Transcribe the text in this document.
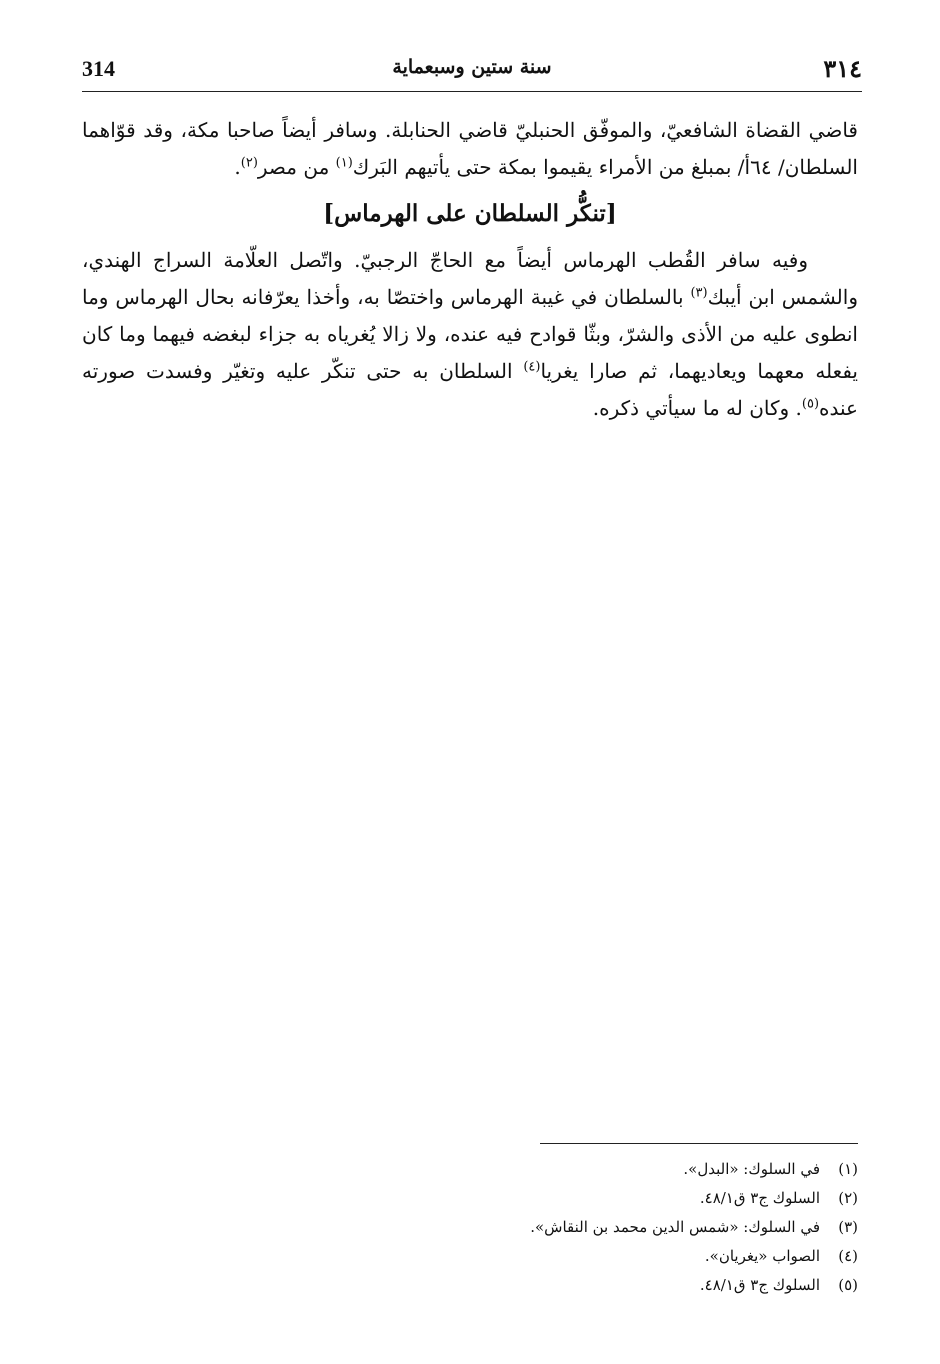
314	سنة ستين وسبعماية	٣١٤

قاضي القضاة الشافعيّ، والموفّق الحنبليّ قاضي الحنابلة. وسافر أيضاً صاحبا مكة، وقد قوّاهما السلطان/ ٦٤أ/ بمبلغ من الأمراء يقيموا بمكة حتى يأتيهم البَرك$^{(١)}$ من مصر$^{(٢)}$.

[تنكُّر السلطان على الهرماس]

وفيه سافر القُطب الهرماس أيضاً مع الحاجّ الرجبيّ. واتّصل العلّامة السراج الهندي، والشمس ابن أيبك$^{(٣)}$ بالسلطان في غيبة الهرماس واختصّا به، وأخذا يعرّفانه بحال الهرماس وما انطوى عليه من الأذى والشرّ، وبثّا قوادح فيه عنده، ولا زالا يُغرياه به جزاء لبغضه فيهما وما كان يفعله معهما ويعاديهما، ثم صارا يغريا$^{(٤)}$ السلطان به حتى تنكّر عليه وتغيّر وفسدت صورته عنده$^{(٥)}$. وكان له ما سيأتي ذكره.

(١)
في السلوك: «البدل».
(٢)
السلوك ج٣ ق٤٨/١.
(٣)
في السلوك: «شمس الدين محمد بن النقاش».
(٤)
الصواب «يغريان».
(٥)
السلوك ج٣ ق٤٨/١.
